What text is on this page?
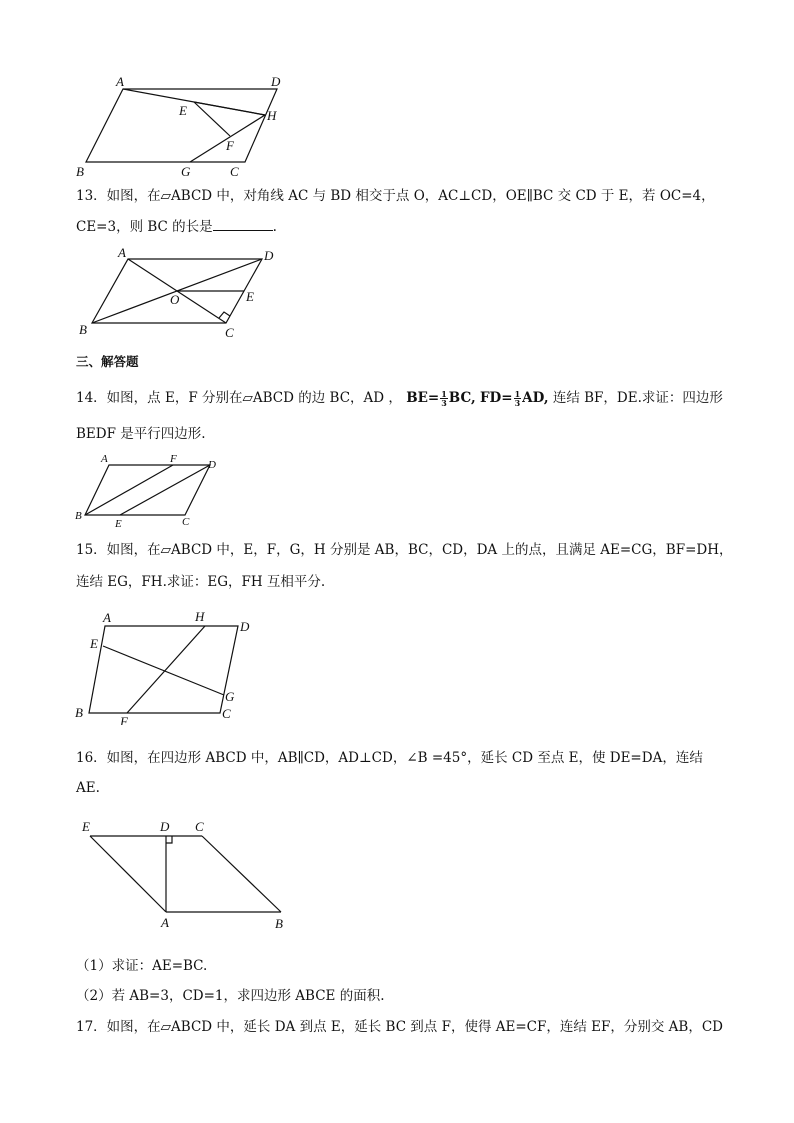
A	D
E	H
F
B	G	C
13．如图，在▱ABCD 中，对角线 AC 与 BD 相交于点 O，AC⊥CD，OE∥BC 交 CD 于 E，若 OC=4，
CE=3，则 BC 的长是	.
A	D
O	E
B	C
三、解答题
14．如图，点 E，F 分别在▱ABCD 的边 BC，AD ， $BE= \frac{1}{3}$ BC, $FD= \frac{1}{3}$ AD, 连结 BF，DE.求证：四边形
BEDF 是平行四边形.
A	F	D
B
E	C
15．如图，在▱ABCD 中，E，F，G，H 分别是 AB，BC，CD，DA 上的点，且满足 AE=CG，BF=DH，
连结 EG，FH.求证：EG，FH 互相平分.
A	H
D
E
G
B
F
C
16．如图，在四边形 ABCD 中，AB∥CD，AD⊥CD，∠B =45°，延长 CD 至点 E，使 DE=DA，连结
AE.
E	D C
A	B
（1）求证：AE=BC.
（2）若 AB=3，CD=1，求四边形 ABCE 的面积.
17．如图，在▱ABCD 中，延长 DA 到点 E，延长 BC 到点 F，使得 AE=CF，连结 EF，分别交 AB，CD
